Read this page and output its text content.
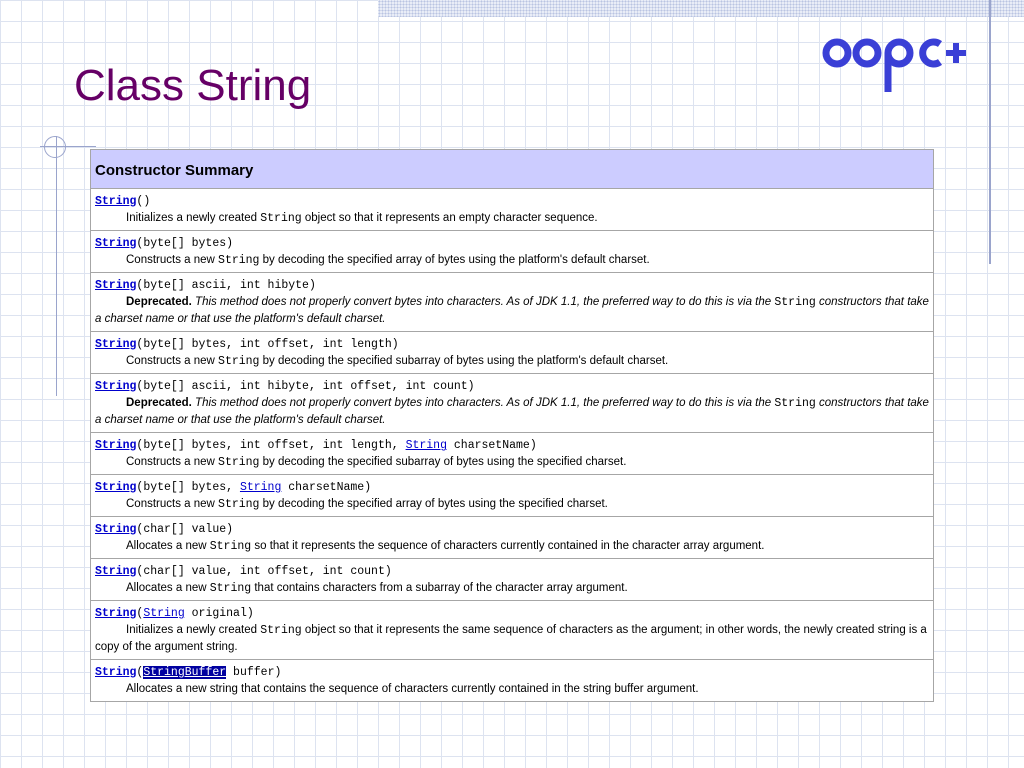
Class String
Constructor Summary

String()
Initializes a newly created String object so that it represents an empty character sequence.

String(byte[] bytes)
Constructs a new String by decoding the specified array of bytes using the platform's default charset.

String(byte[] ascii, int hibyte)
Deprecated. This method does not properly convert bytes into characters. As of JDK 1.1, the preferred way to do this is via the String constructors that take a charset name or that use the platform's default charset.

String(byte[] bytes, int offset, int length)
Constructs a new String by decoding the specified subarray of bytes using the platform's default charset.

String(byte[] ascii, int hibyte, int offset, int count)
Deprecated. This method does not properly convert bytes into characters. As of JDK 1.1, the preferred way to do this is via the String constructors that take a charset name or that use the platform's default charset.

String(byte[] bytes, int offset, int length, String charsetName)
Constructs a new String by decoding the specified subarray of bytes using the specified charset.

String(byte[] bytes, String charsetName)
Constructs a new String by decoding the specified array of bytes using the specified charset.

String(char[] value)
Allocates a new String so that it represents the sequence of characters currently contained in the character array argument.

String(char[] value, int offset, int count)
Allocates a new String that contains characters from a subarray of the character array argument.

String(String original)
Initializes a newly created String object so that it represents the same sequence of characters as the argument; in other words, the newly created string is a copy of the argument string.

String(StringBuffer buffer)
Allocates a new string that contains the sequence of characters currently contained in the string buffer argument.
